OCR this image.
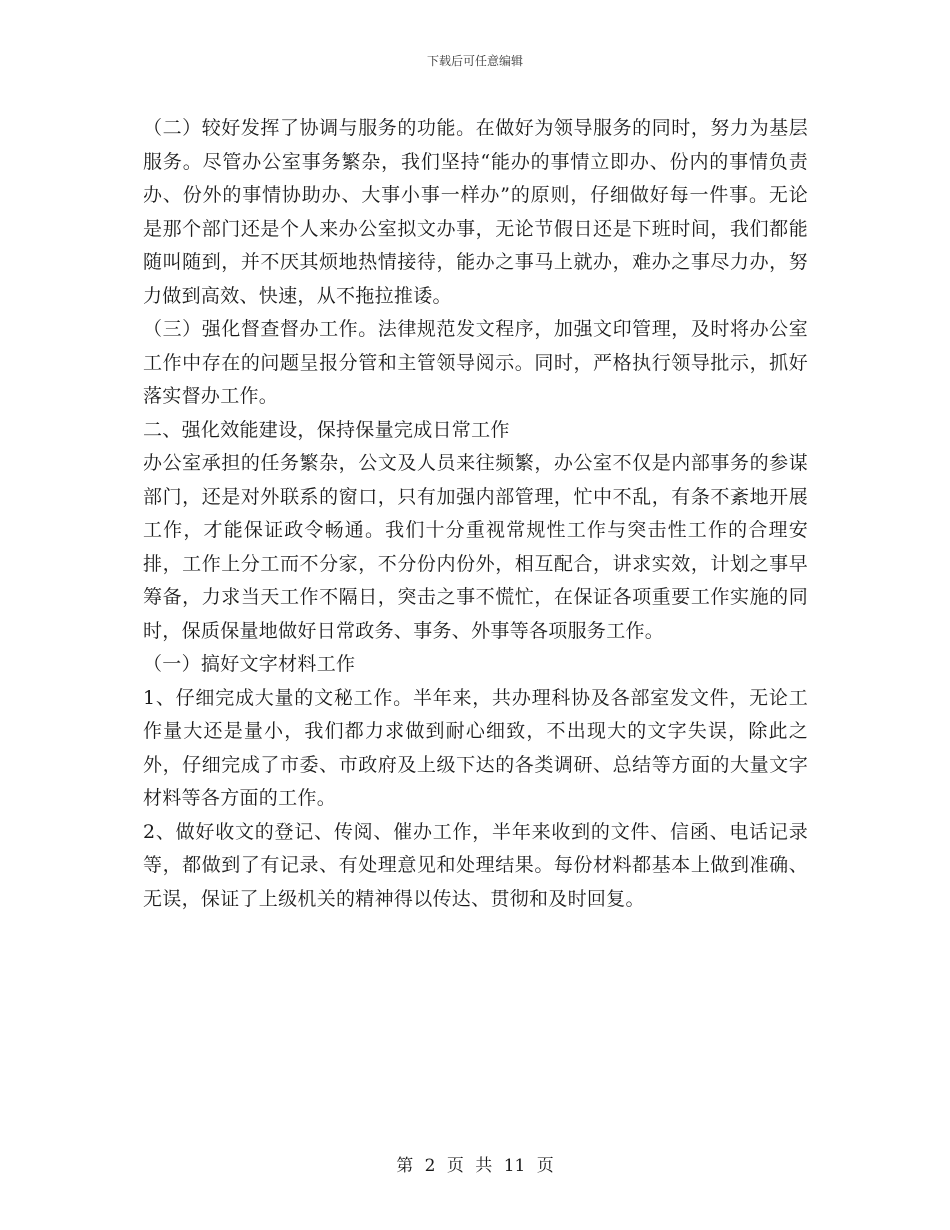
下载后可任意编辑

（二）较好发挥了协调与服务的功能。在做好为领导服务的同时，努力为基层服务。尽管办公室事务繁杂，我们坚持“能办的事情立即办、份内的事情负责办、份外的事情协助办、大事小事一样办”的原则，仔细做好每一件事。无论是那个部门还是个人来办公室拟文办事，无论节假日还是下班时间，我们都能随叫随到，并不厌其烦地热情接待，能办之事马上就办，难办之事尽力办，努力做到高效、快速，从不拖拉推诿。

（三）强化督查督办工作。法律规范发文程序，加强文印管理，及时将办公室工作中存在的问题呈报分管和主管领导阅示。同时，严格执行领导批示，抓好落实督办工作。

二、强化效能建设，保持保量完成日常工作

办公室承担的任务繁杂，公文及人员来往频繁，办公室不仅是内部事务的参谋部门，还是对外联系的窗口，只有加强内部管理，忙中不乱，有条不紊地开展工作，才能保证政令畅通。我们十分重视常规性工作与突击性工作的合理安排，工作上分工而不分家，不分份内份外，相互配合，讲求实效，计划之事早筹备，力求当天工作不隔日，突击之事不慌忙，在保证各项重要工作实施的同时，保质保量地做好日常政务、事务、外事等各项服务工作。

（一）搞好文字材料工作

1、仔细完成大量的文秘工作。半年来，共办理科协及各部室发文件，无论工作量大还是量小，我们都力求做到耐心细致，不出现大的文字失误，除此之外，仔细完成了市委、市政府及上级下达的各类调研、总结等方面的大量文字材料等各方面的工作。

2、做好收文的登记、传阅、催办工作，半年来收到的文件、信函、电话记录等，都做到了有记录、有处理意见和处理结果。每份材料都基本上做到准确、无误，保证了上级机关的精神得以传达、贯彻和及时回复。

第 2 页 共 11 页
